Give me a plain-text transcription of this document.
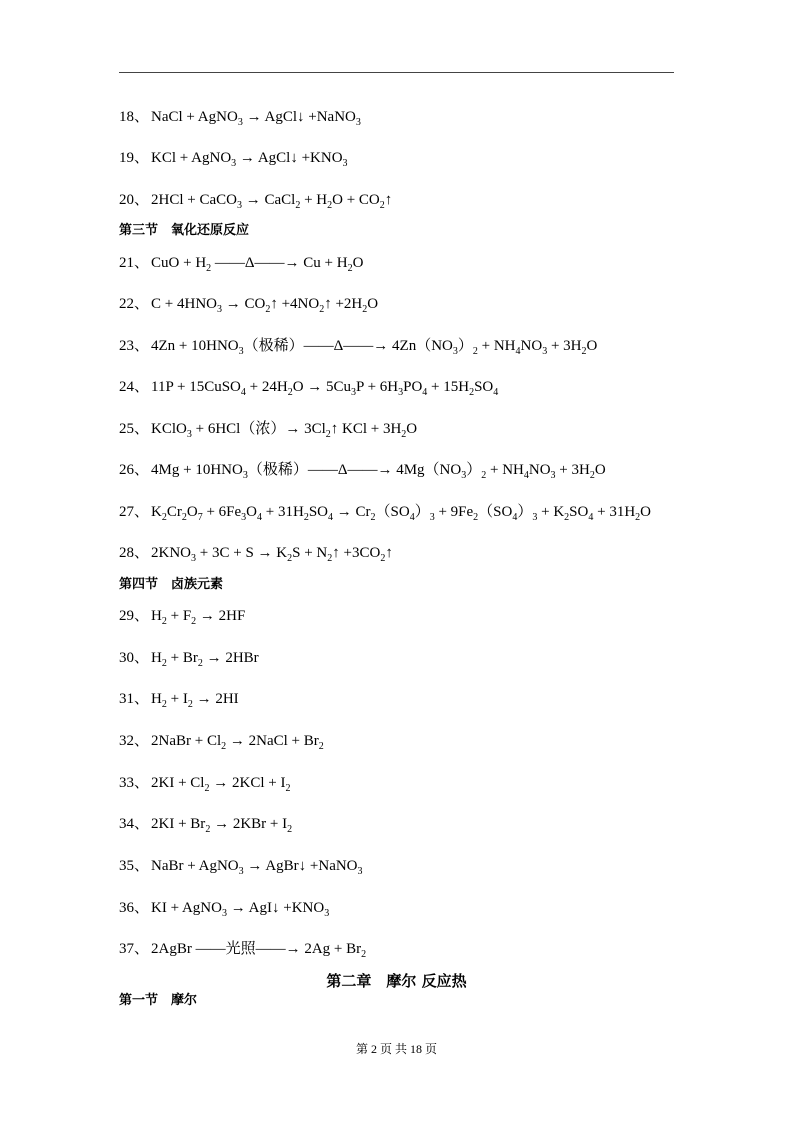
18、 NaCl + AgNO$_3$ → AgCl↓ +NaNO$_3$
19、 KCl + AgNO$_3$ → AgCl↓ $+KNO_3$
20、 2HCl + CaCO$_3$ → CaCl$_2$ + $H_2O$ + $CO_2↑$
第三节　氧化还原反应
21、 CuO + $H_2$ ——Δ——→ $Cu + H_2O$
22、 $C + 4HNO_3$ → $CO_2↑$ $+4NO_2↑ +2H_2O$
23、 $4Zn + 10HNO_3$（极稀）——Δ——→ $4Zn(NO_3)_2 + NH_4NO_3 + 3H_2O$
24、 11P + 15CuSO$_4$ + $24H_2O \to 5Cu_3P + 6H_3PO_4 + 15H_2SO_4$
25、 KClO$_3$ + 6HCl（浓）→ $3Cl_2↑$ KCl + $3H_2O$
26、 $4Mg + 10HNO_3$（极稀）——Δ——→ $4Mg(NO_3)_2 + NH_4NO_3 + 3H_2O$
27、 $K_2Cr_2O_7 + 6Fe_3O_4 + 31H_2SO_4 \to Cr_2(SO_4)_3 + 9Fe_2(SO_4)_3 + K_2SO_4 + 31H_2O$
28、 $2KNO_3 + 3C + S \to K_2S$ + $N_2↑$ $+3CO_2↑$
第四节　卤族元素
29、 $H_2 + F_2 \to 2HF$
30、 $H_2 + Br_2 \to 2HBr$
31、 $H_2 + I_2 \to 2HI$
32、 2NaBr + $Cl_2$ → 2NaCl + $Br_2$
33、 $2KI + Cl_2 \to 2KCl + I_2$
34、 $2KI + Br_2 \to 2KBr + I_2$
35、 NaBr + AgNO$_3$ → AgBr↓ +NaNO$_3$
36、 KI + AgNO$_3$ → AgI↓ $+KNO_3$
37、 2AgBr ——光照——→ $2Ag + Br_2$
第二章　摩尔 反应热
第一节　摩尔
第 2 页 共 18 页
